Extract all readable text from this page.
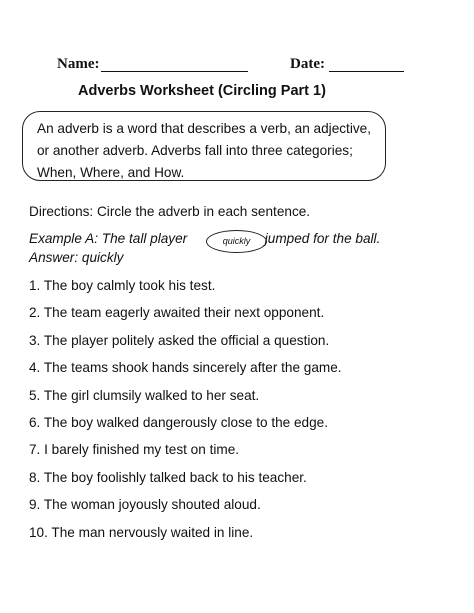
Name:	Date:
Adverbs Worksheet (Circling Part 1)
An adverb is a word that describes a verb, an adjective, or another adverb. Adverbs fall into three categories; When, Where, and How.
Directions: Circle the adverb in each sentence.
Example A: The tall player	jumped for the ball.
quickly
Answer: quickly
1. The boy calmly took his test.
2. The team eagerly awaited their next opponent.
3. The player politely asked the official a question.
4. The teams shook hands sincerely after the game.
5. The girl clumsily walked to her seat.
6. The boy walked dangerously close to the edge.
7. I barely finished my test on time.
8. The boy foolishly talked back to his teacher.
9. The woman joyously shouted aloud.
10. The man nervously waited in line.
